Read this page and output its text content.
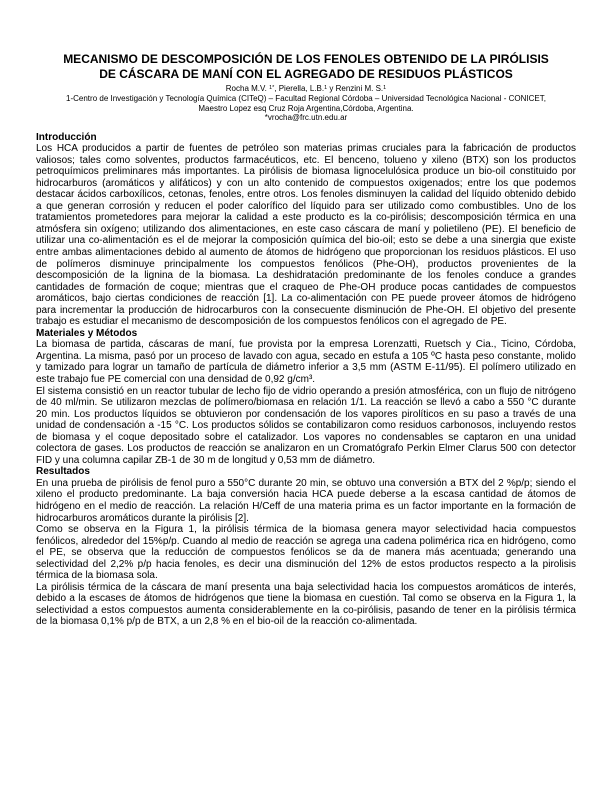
MECANISMO DE DESCOMPOSICIÓN DE LOS FENOLES OBTENIDO DE LA PIRÓLISIS
DE CÁSCARA DE MANÍ CON EL AGREGADO DE RESIDUOS PLÁSTICOS

Rocha M.V. $^{1*}$, Pierella, L.B.$^1$ y Renzini M. S.$^1$

1-Centro de Investigación y Tecnología Química (CITeQ) – Facultad Regional Córdoba – Universidad Tecnológica Nacional - CONICET,
Maestro Lopez esq Cruz Roja Argentina,Córdoba, Argentina.

*vrocha@frc.utn.edu.ar

Introducción

Los HCA producidos a partir de fuentes de petróleo son materias primas cruciales para la fabricación de productos valiosos; tales como solventes, productos farmacéuticos, etc. El benceno, tolueno y xileno (BTX) son los productos petroquímicos preliminares más importantes. La pirólisis de biomasa lignocelulósica produce un bio-oil constituido por hidrocarburos (aromáticos y alifáticos) y con un alto contenido de compuestos oxigenados; entre los que podemos destacar ácidos carboxílicos, cetonas, fenoles, entre otros. Los fenoles disminuyen la calidad del líquido obtenido debido a que generan corrosión y reducen el poder calorífico del líquido para ser utilizado como combustibles. Uno de los tratamientos prometedores para mejorar la calidad a este producto es la co-pirólisis; descomposición térmica en una atmósfera sin oxígeno; utilizando dos alimentaciones, en este caso cáscara de maní y polietileno (PE). El beneficio de utilizar una co-alimentación es el de mejorar la composición química del bio-oil; esto se debe a una sinergia que existe entre ambas alimentaciones debido al aumento de átomos de hidrógeno que proporcionan los residuos plásticos. El uso de polímeros disminuye principalmente los compuestos fenólicos (Phe-OH), productos provenientes de la descomposición de la lignina de la biomasa. La deshidratación predominante de los fenoles conduce a grandes cantidades de formación de coque; mientras que el craqueo de Phe-OH produce pocas cantidades de compuestos aromáticos, bajo ciertas condiciones de reacción [1]. La co-alimentación con PE puede proveer átomos de hidrógeno para incrementar la producción de hidrocarburos con la consecuente disminución de Phe-OH. El objetivo del presente trabajo es estudiar el mecanismo de descomposición de los compuestos fenólicos con el agregado de PE.

Materiales y Métodos

La biomasa de partida, cáscaras de maní, fue provista por la empresa Lorenzatti, Ruetsch y Cia., Ticino, Córdoba, Argentina. La misma, pasó por un proceso de lavado con agua, secado en estufa a 105 ºC hasta peso constante, molido y tamizado para lograr un tamaño de partícula de diámetro inferior a 3,5 mm (ASTM E-11/95). El polímero utilizado en este trabajo fue PE comercial con una densidad de 0,92 g/cm³.

El sistema consistió en un reactor tubular de lecho fijo de vidrio operando a presión atmosférica, con un flujo de nitrógeno de 40 ml/min. Se utilizaron mezclas de polímero/biomasa en relación 1/1. La reacción se llevó a cabo a 550 °C durante 20 min. Los productos líquidos se obtuvieron por condensación de los vapores pirolíticos en su paso a través de una unidad de condensación a -15 °C. Los productos sólidos se contabilizaron como residuos carbonosos, incluyendo restos de biomasa y el coque depositado sobre el catalizador. Los vapores no condensables se captaron en una unidad colectora de gases. Los productos de reacción se analizaron en un Cromatógrafo Perkin Elmer Clarus 500 con detector FID y una columna capilar ZB-1 de 30 m de longitud y 0,53 mm de diámetro.

Resultados

En una prueba de pirólisis de fenol puro a 550°C durante 20 min, se obtuvo una conversión a BTX del 2 %p/p; siendo el xileno el producto predominante. La baja conversión hacia HCA puede deberse a la escasa cantidad de átomos de hidrógeno en el medio de reacción. La relación H/Ceff de una materia prima es un factor importante en la formación de hidrocarburos aromáticos durante la pirólisis [2].

Como se observa en la Figura 1, la pirólisis térmica de la biomasa genera mayor selectividad hacia compuestos fenólicos, alrededor del 15%p/p. Cuando al medio de reacción se agrega una cadena polimérica rica en hidrógeno, como el PE, se observa que la reducción de compuestos fenólicos se da de manera más acentuada; generando una selectividad del 2,2% p/p hacia fenoles, es decir una disminución del 12% de estos productos respecto a la pirolisis térmica de la biomasa sola.

La pirólisis térmica de la cáscara de maní presenta una baja selectividad hacia los compuestos aromáticos de interés, debido a la escases de átomos de hidrógenos que tiene la biomasa en cuestión. Tal como se observa en la Figura 1, la selectividad a estos compuestos aumenta considerablemente en la co-pirólisis, pasando de tener en la pirólisis térmica de la biomasa 0,1% p/p de BTX, a un 2,8 % en el bio-oil de la reacción co-alimentada.
